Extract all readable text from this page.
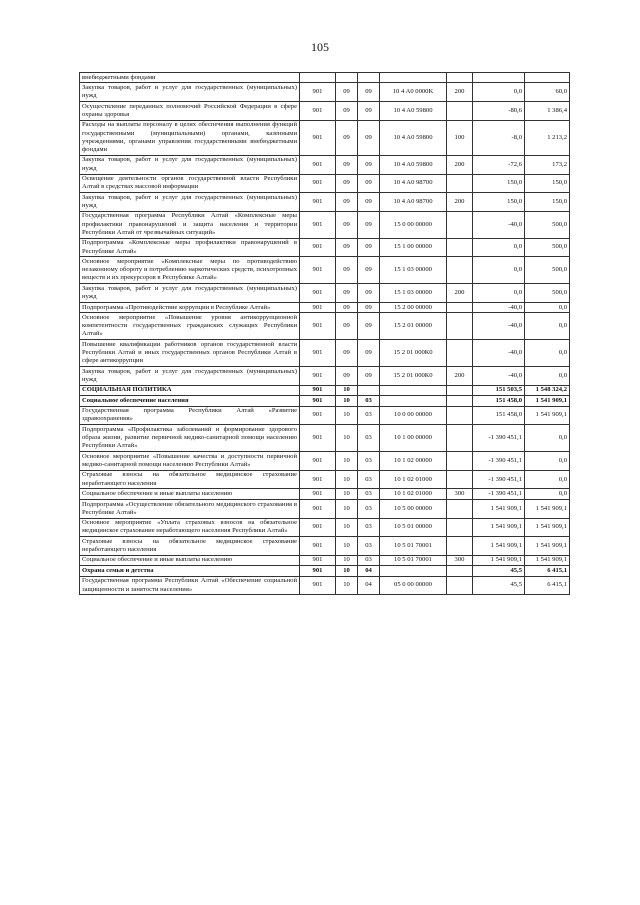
105
внебюджетными фондами							
Закупка товаров, работ и услуг для государственных (муниципальных) нужд	901	09	09	10 4 A0 0000K	200	0,0	60,0
Осуществление переданных полномочий Российской Федерации в сфере охраны здоровья	901	09	09	10 4 A0 59800		-80,6	1 386,4
Расходы на выплаты персоналу в целях обеспечения выполнения функций государственными (муниципальными) органами, казенными учреждениями, органами управления государственными внебюджетными фондами	901	09	09	10 4 A0 59800	100	-8,0	1 213,2
Закупка товаров, работ и услуг для государственных (муниципальных) нужд	901	09	09	10 4 A0 59800	200	-72,6	173,2
Освещение деятельности органов государственной власти Республики Алтай в средствах массовой информации	901	09	09	10 4 A0 98700		150,0	150,0
Закупка товаров, работ и услуг для государственных (муниципальных) нужд	901	09	09	10 4 A0 98700	200	150,0	150,0
Государственная программа Республики Алтай «Комплексные меры профилактики правонарушений и защита населения и территории Республики Алтай от чрезвычайных ситуаций»	901	09	09	15 0 00 00000		-40,0	500,0
Подпрограмма «Комплексные меры профилактики правонарушений в Республике Алтай»	901	09	09	15 1 00 00000		0,0	500,0
Основное мероприятие «Комплексные меры по противодействию незаконному обороту и потреблению наркотических средств, психотропных веществ и их прекурсоров в Республике Алтай»	901	09	09	15 1 03 00000		0,0	500,0
Закупка товаров, работ и услуг для государственных (муниципальных) нужд	901	09	09	15 1 03 00000	200	0,0	500,0
Подпрограмма «Противодействие коррупции в Республике Алтай»	901	09	09	15 2 00 00000		-40,0	0,0
Основное мероприятие «Повышение уровня антикоррупционной компетентности государственных гражданских служащих Республики Алтай»	901	09	09	15 2 01 00000		-40,0	0,0
Повышение квалификации работников органов государственной власти Республики Алтай и иных государственных органов Республики Алтай в сфере антикоррупции	901	09	09	15 2 01 000К0		-40,0	0,0
Закупка товаров, работ и услуг для государственных (муниципальных) нужд	901	09	09	15 2 01 000К0	200	-40,0	0,0
СОЦИАЛЬНАЯ ПОЛИТИКА	901	10				151 503,5	1 548 324,2
Социальное обеспечение населения	901	10	03			151 458,0	1 541 909,1
Государственная программа Республики Алтай «Развитие здравоохранения»	901	10	03	10 0 00 00000		151 458,0	1 541 909,1
Подпрограмма «Профилактика заболеваний и формирование здорового образа жизни, развитие первичной медико-санитарной помощи населению Республики Алтай»	901	10	03	10 1 00 00000		-1 390 451,1	0,0
Основное мероприятие «Повышение качества и доступности первичной медико-санитарной помощи населению Республики Алтай»	901	10	03	10 1 02 00000		-1 390 451,1	0,0
Страховые взносы на обязательное медицинское страхование неработающего населения	901	10	03	10 1 02 01000		-1 390 451,1	0,0
Социальное обеспечение и иные выплаты населению	901	10	03	10 1 02 01000	300	-1 390 451,1	0,0
Подпрограмма «Осуществление обязательного медицинского страхования в Республике Алтай»	901	10	03	10 5 00 00000		1 541 909,1	1 541 909,1
Основное мероприятие «Уплата страховых взносов на обязательное медицинское страхование неработающего населения Республики Алтай»	901	10	03	10 5 01 00000		1 541 909,1	1 541 909,1
Страховые взносы на обязательное медицинское страхование неработающего населения	901	10	03	10 5 01 70001		1 541 909,1	1 541 909,1
Социальное обеспечение и иные выплаты населению	901	10	03	10 5 01 70001	300	1 541 909,1	1 541 909,1
Охрана семьи и детства	901	10	04			45,5	6 415,1
Государственная программа Республики Алтай «Обеспечение социальной защищенности и занятости населения»	901	10	04	05 0 00 00000		45,5	6 415,1
